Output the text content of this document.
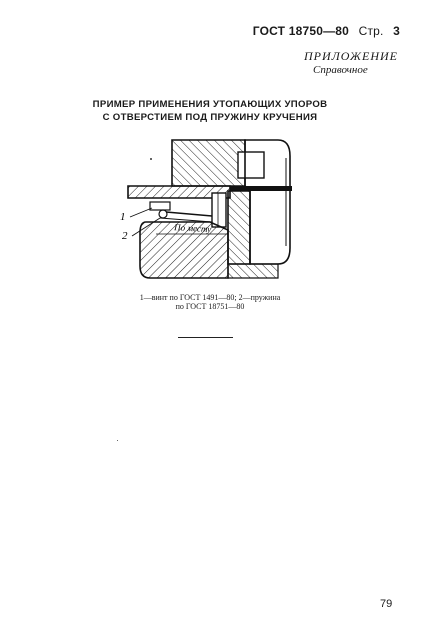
ГОСТ 18750—80 Стр. 3
ПРИЛОЖЕНИЕ
Справочное
ПРИМЕР ПРИМЕНЕНИЯ УТОПАЮЩИХ УПОРОВ
С ОТВЕРСТИЕМ ПОД ПРУЖИНУ КРУЧЕНИЯ
1
2
По месту
1—винт по ГОСТ 1491—80; 2—пружина
по ГОСТ 18751—80
79
